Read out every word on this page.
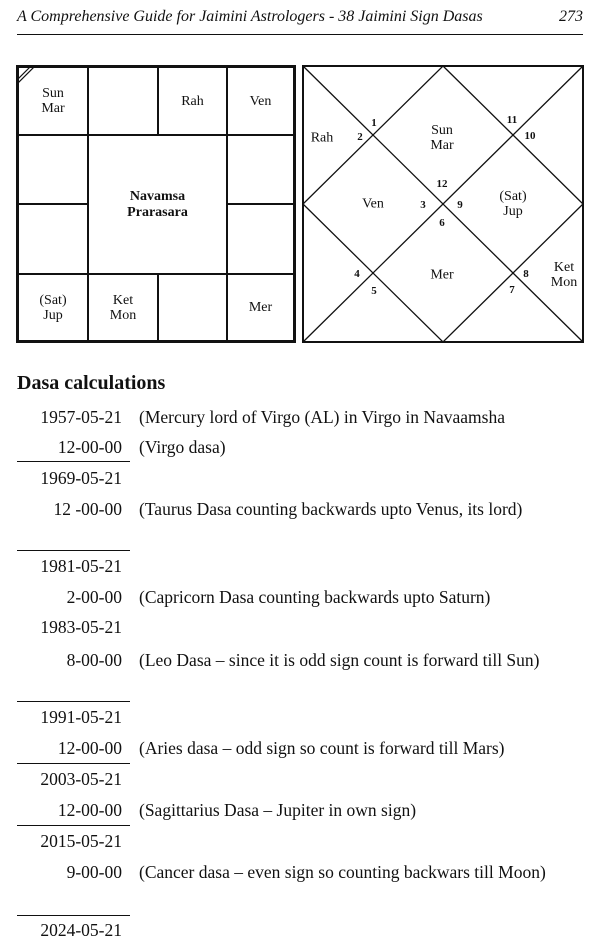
A Comprehensive Guide for Jaimini Astrologers - 38 Jaimini Sign Dasas	273
Sun
Mar	Rah	Ven
(Sat)
Jup
Ket
Mon	Mer
Navamsa
Prarasara
Sun
Mar
Rah
Ven
Mer	Ket
Mon
(Sat)
Jup
1
2
3
4
5
6
7
8
9
10
11
12
Dasa calculations
1957-05-21 (Mercury lord of Virgo (AL) in Virgo in Navaamsha
12-00-00 (Virgo dasa)
1969-05-21
12 -00-00 (Taurus Dasa counting backwards upto Venus, its lord)
1981-05-21
2-00-00 (Capricorn Dasa counting backwards upto Saturn)
1983-05-21
8-00-00 (Leo Dasa – since it is odd sign count is forward till Sun)
1991-05-21
12-00-00 (Aries dasa – odd sign so count is forward till Mars)
2003-05-21
12-00-00 (Sagittarius Dasa – Jupiter in own sign)
2015-05-21
9-00-00 (Cancer dasa – even sign so counting backwars till Moon)
2024-05-21
